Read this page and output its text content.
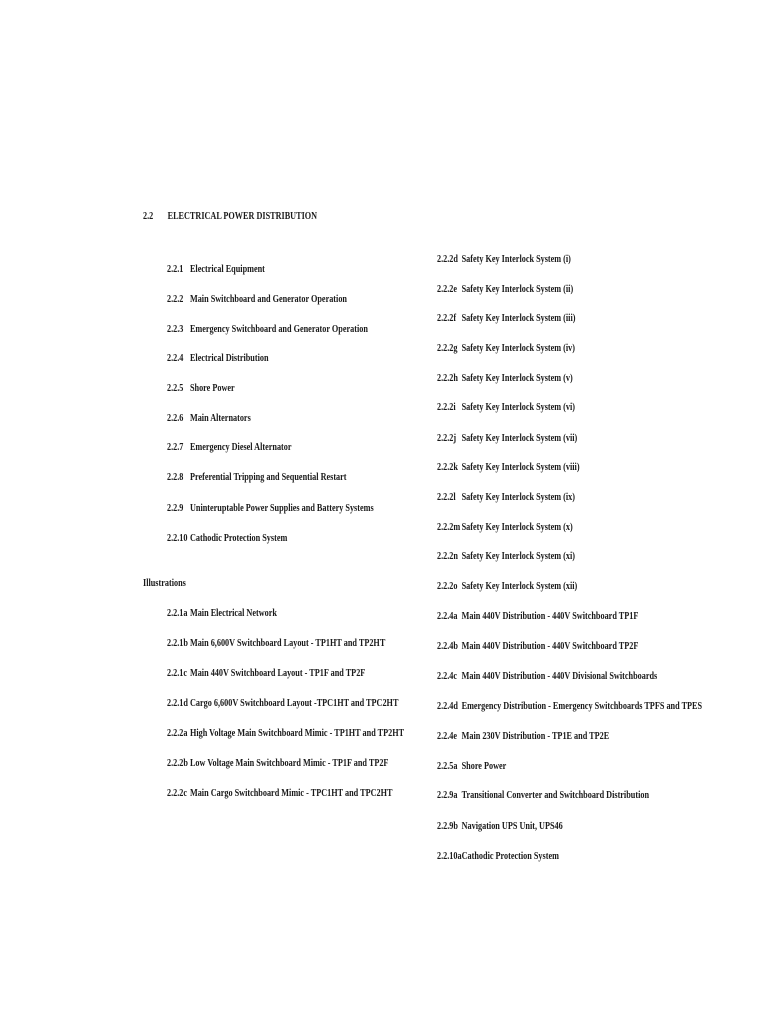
2.2 ELECTRICAL POWER DISTRIBUTION
2.2.1 Electrical Equipment
2.2.2 Main Switchboard and Generator Operation
2.2.3 Emergency Switchboard and Generator Operation
2.2.4 Electrical Distribution
2.2.5 Shore Power
2.2.6 Main Alternators
2.2.7 Emergency Diesel Alternator
2.2.8 Preferential Tripping and Sequential Restart
2.2.9 Uninteruptable Power Supplies and Battery Systems
2.2.10 Cathodic Protection System
Illustrations
2.2.1a Main Electrical Network
2.2.1b Main 6,600V Switchboard Layout - TP1HT and TP2HT
2.2.1c Main 440V Switchboard Layout - TP1F and TP2F
2.2.1d Cargo 6,600V Switchboard Layout -TPC1HT and TPC2HT
2.2.2a High Voltage Main Switchboard Mimic - TP1HT and TP2HT
2.2.2b Low Voltage Main Switchboard Mimic - TP1F and TP2F
2.2.2c Main Cargo Switchboard Mimic - TPC1HT and TPC2HT
2.2.2d Safety Key Interlock System (i)
2.2.2e Safety Key Interlock System (ii)
2.2.2f Safety Key Interlock System (iii)
2.2.2g Safety Key Interlock System (iv)
2.2.2h Safety Key Interlock System (v)
2.2.2i Safety Key Interlock System (vi)
2.2.2j Safety Key Interlock System (vii)
2.2.2k Safety Key Interlock System (viii)
2.2.2l Safety Key Interlock System (ix)
2.2.2mSafety Key Interlock System (x)
2.2.2n Safety Key Interlock System (xi)
2.2.2o Safety Key Interlock System (xii)
2.2.4a Main 440V Distribution - 440V Switchboard TP1F
2.2.4b Main 440V Distribution - 440V Switchboard TP2F
2.2.4c Main 440V Distribution - 440V Divisional Switchboards
2.2.4d Emergency Distribution - Emergency Switchboards TPFS and TPES
2.2.4e Main 230V Distribution - TP1E and TP2E
2.2.5a Shore Power
2.2.9a Transitional Converter and Switchboard Distribution
2.2.9b Navigation UPS Unit, UPS46
2.2.10aCathodic Protection System
